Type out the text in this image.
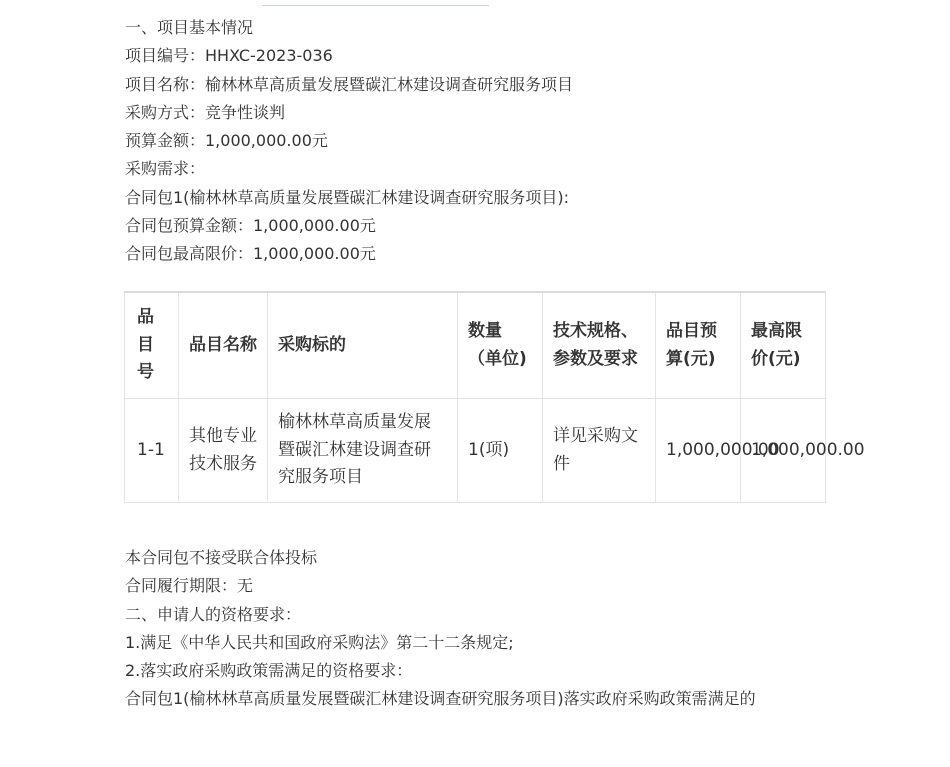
一、项目基本情况
项目编号：HHXC-2023-036
项目名称：榆林林草高质量发展暨碳汇林建设调查研究服务项目
采购方式：竞争性谈判
预算金额：1,000,000.00元
采购需求：
合同包1(榆林林草高质量发展暨碳汇林建设调查研究服务项目):
合同包预算金额：1,000,000.00元
合同包最高限价：1,000,000.00元
品目号	品目名称	采购标的	数量（单位)	技术规格、参数及要求	品目预算(元)	最高限价(元)
1-1	其他专业技术服务	榆林林草高质量发展暨碳汇林建设调查研究服务项目	1(项)	详见采购文件	1,000,000.00	1,000,000.00
本合同包不接受联合体投标
合同履行期限：无
二、申请人的资格要求：
1.满足《中华人民共和国政府采购法》第二十二条规定;
2.落实政府采购政策需满足的资格要求：
合同包1(榆林林草高质量发展暨碳汇林建设调查研究服务项目)落实政府采购政策需满足的
